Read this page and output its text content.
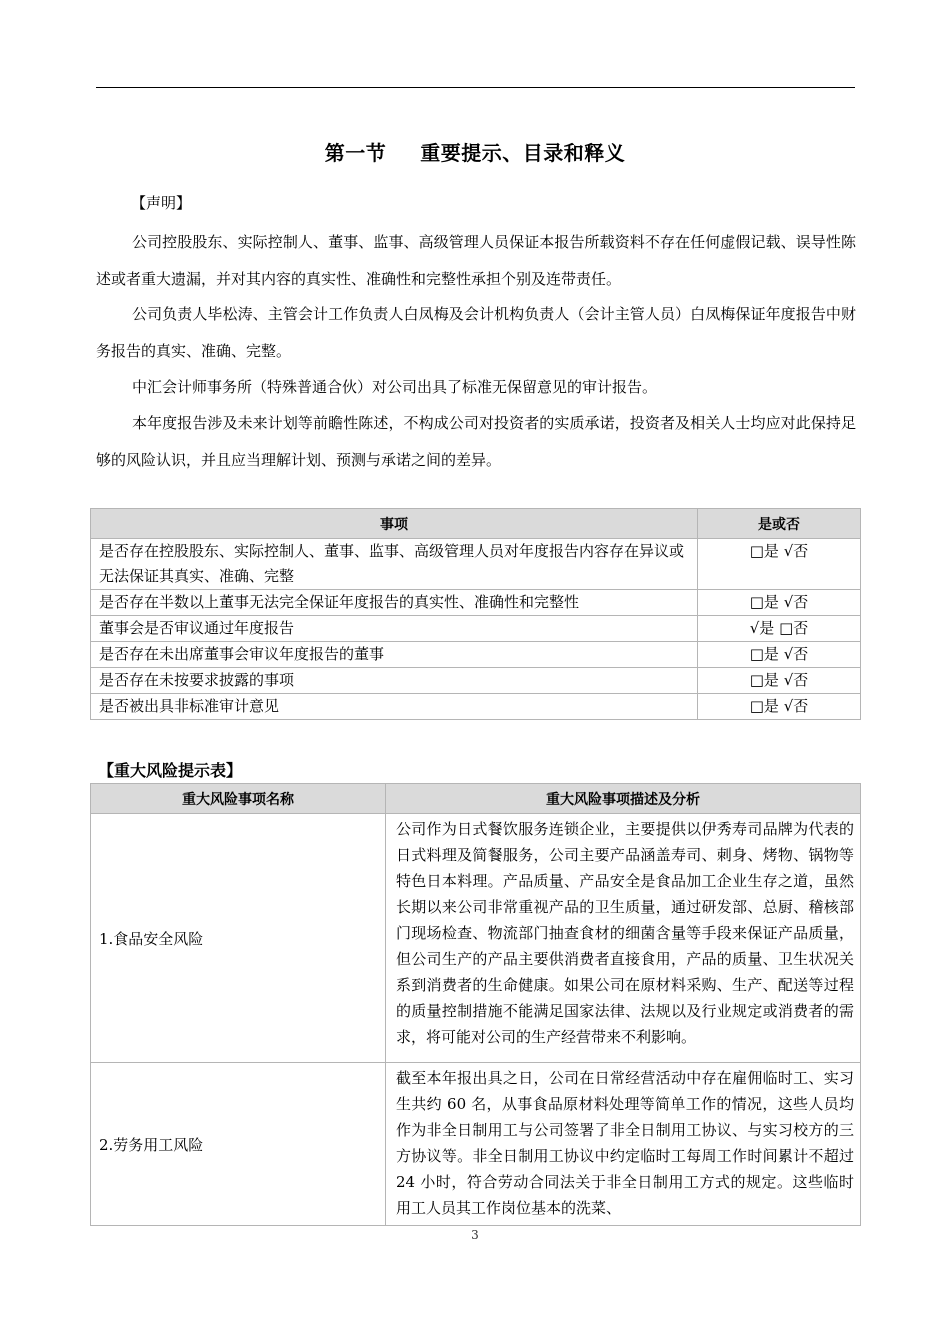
第一节 重要提示、目录和释义
【声明】

公司控股股东、实际控制人、董事、监事、高级管理人员保证本报告所载资料不存在任何虚假记载、误导性陈述或者重大遗漏，并对其内容的真实性、准确性和完整性承担个别及连带责任。

公司负责人毕松涛、主管会计工作负责人白凤梅及会计机构负责人（会计主管人员）白凤梅保证年度报告中财务报告的真实、准确、完整。

中汇会计师事务所（特殊普通合伙）对公司出具了标准无保留意见的审计报告。

本年度报告涉及未来计划等前瞻性陈述，不构成公司对投资者的实质承诺，投资者及相关人士均应对此保持足够的风险认识，并且应当理解计划、预测与承诺之间的差异。

事项	是或否
是否存在控股股东、实际控制人、董事、监事、高级管理人员对年度报告内容存在异议或无法保证其真实、准确、完整	□是 √否
是否存在半数以上董事无法完全保证年度报告的真实性、准确性和完整性	□是 √否
董事会是否审议通过年度报告	√是 □否
是否存在未出席董事会审议年度报告的董事	□是 √否
是否存在未按要求披露的事项	□是 √否
是否被出具非标准审计意见	□是 √否
【重大风险提示表】
重大风险事项名称	重大风险事项描述及分析
1.食品安全风险	公司作为日式餐饮服务连锁企业，主要提供以伊秀寿司品牌为代表的日式料理及简餐服务，公司主要产品涵盖寿司、刺身、烤物、锅物等特色日本料理。产品质量、产品安全是食品加工企业生存之道，虽然长期以来公司非常重视产品的卫生质量，通过研发部、总厨、稽核部门现场检查、物流部门抽查食材的细菌含量等手段来保证产品质量，但公司生产的产品主要供消费者直接食用，产品的质量、卫生状况关系到消费者的生命健康。如果公司在原材料采购、生产、配送等过程的质量控制措施不能满足国家法律、法规以及行业规定或消费者的需求，将可能对公司的生产经营带来不利影响。
2.劳务用工风险	截至本年报出具之日，公司在日常经营活动中存在雇佣临时工、实习生共约 60 名，从事食品原材料处理等简单工作的情况，这些人员均作为非全日制用工与公司签署了非全日制用工协议、与实习校方的三方协议等。非全日制用工协议中约定临时工每周工作时间累计不超过 24 小时，符合劳动合同法关于非全日制用工方式的规定。这些临时用工人员其工作岗位基本的洗菜、
3
